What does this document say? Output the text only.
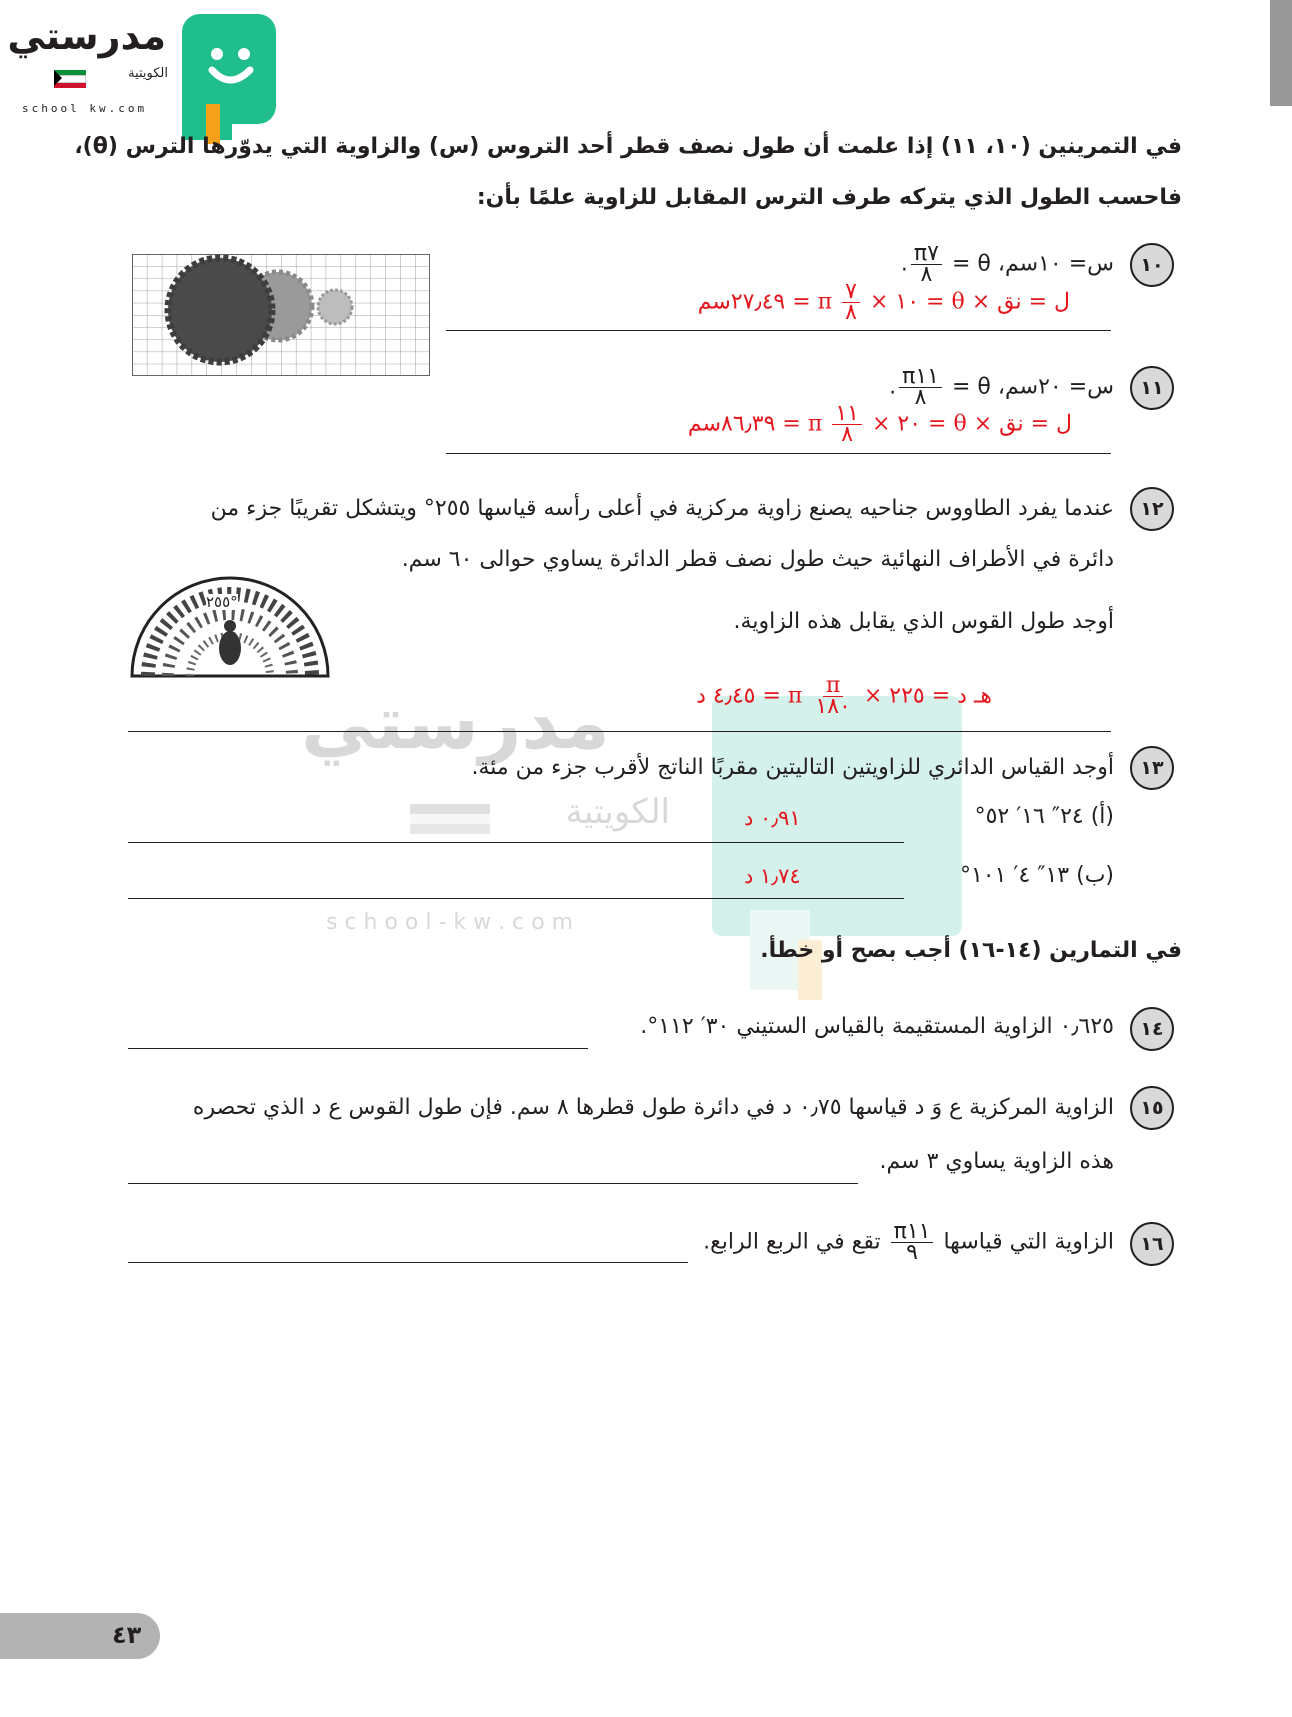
مدرستي
الكويتية
school kw.com
مدرستي
الكويتية
s c h o o l - k w . c o m
في التمرينين (١٠، ١١) إذا علمت أن طول نصف قطر أحد التروس (س) والزاوية التي يدوّرها الترس (θ)،
فاحسب الطول الذي يتركه طرف الترس المقابل للزاوية علمًا بأن:
١٠
س= ١٠سم، θ =
$\frac{\pi ٧}{٨}$
.
ل = نق × θ = ١٠ ×
$\frac{٧}{٨}$
π = ٢٧٫٤٩سم
١١
س= ٢٠سم، θ =
$\frac{\pi ١١}{٨}$
.
ل = نق × θ = ٢٠ ×
$\frac{١١}{٨}$
π = ٨٦٫٣٩سم
١٢
عندما يفرد الطاووس جناحيه يصنع زاوية مركزية في أعلى رأسه قياسها ٢٥٥° ويتشكل تقريبًا جزء من
دائرة في الأطراف النهائية حيث طول نصف قطر الدائرة يساوي حوالى ٦٠ سم.
أوجد طول القوس الذي يقابل هذه الزاوية.
٢٥٥°
هـ د = ٢٢٥ ×
$\frac{\pi}{١٨٠}$
π = ٤٫٤٥ د
١٣
أوجد القياس الدائري للزاويتين التاليتين مقربًا الناتج لأقرب جزء من مئة.
(أ) ٢٤″ ١٦′ ٥٢°
٠٫٩١ د
(ب) ١٣″ ٤′ ١٠١°
١٫٧٤ د
في التمارين (١٤-١٦) أجب بصح أو خطأ.
١٤
٠٫٦٢٥ الزاوية المستقيمة بالقياس الستيني ٣٠′ ١١٢°.
١٥
الزاوية المركزية ع وَ د قياسها ٠٫٧٥ د في دائرة طول قطرها ٨ سم. فإن طول القوس ع د الذي تحصره
هذه الزاوية يساوي ٣ سم.
١٦
الزاوية التي قياسها
$\frac{\pi ١١}{٩}$
تقع في الربع الرابع.
٤٣
